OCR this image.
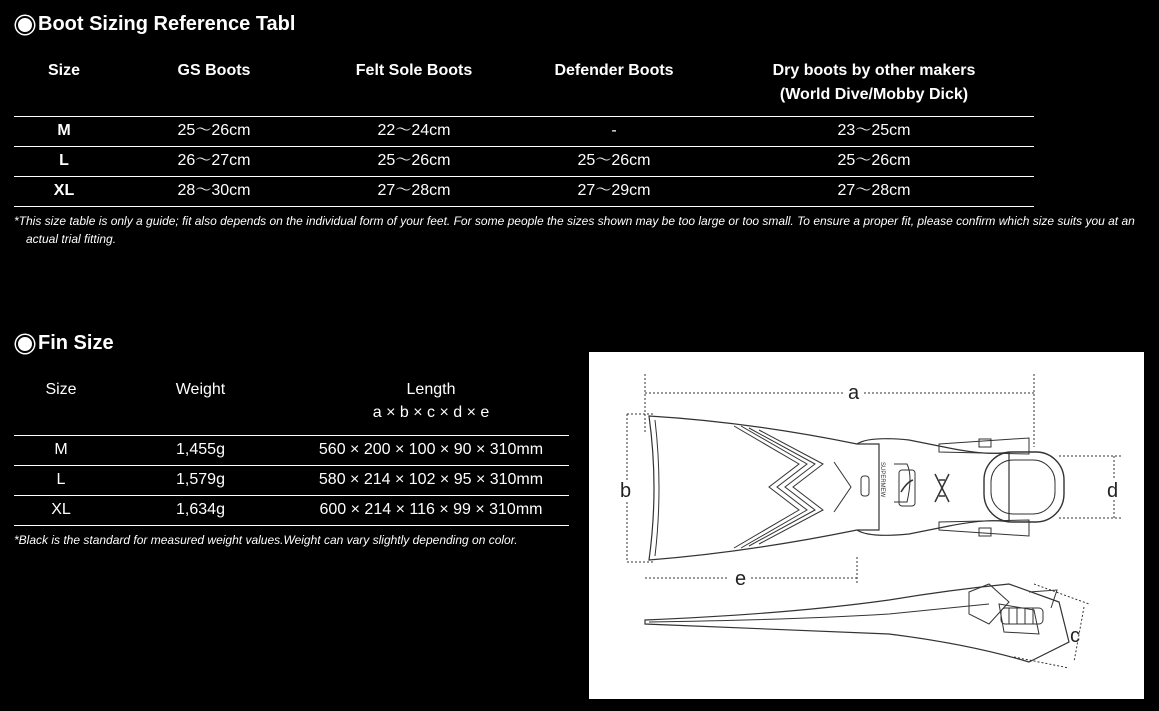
Boot Sizing Reference Tabl
Size	GS Boots	Felt Sole Boots	Defender Boots	Dry boots by other makers
(World Dive/Mobby Dick)
M	25～26cm	22～24cm	-	23～25cm
L	26～27cm	25～26cm	25～26cm	25～26cm
XL	28～30cm	27～28cm	27～29cm	27～28cm
*This size table is only a guide; fit also depends on the individual form of your feet. For some people the sizes shown may be too large or too small. To ensure a proper fit, please confirm which size suits you at an
actual trial fitting.
Fin Size
Size	Weight	Length
a × b × c × d × e
M	1,455g	560 × 200 × 100 × 90 × 310mm
L	1,579g	580 × 214 × 102 × 95 × 310mm
XL	1,634g	600 × 214 × 116 × 99 × 310mm
*Black is the standard for measured weight values.Weight can vary slightly depending on color.
a
b
c
d
e
SUPERMEW
